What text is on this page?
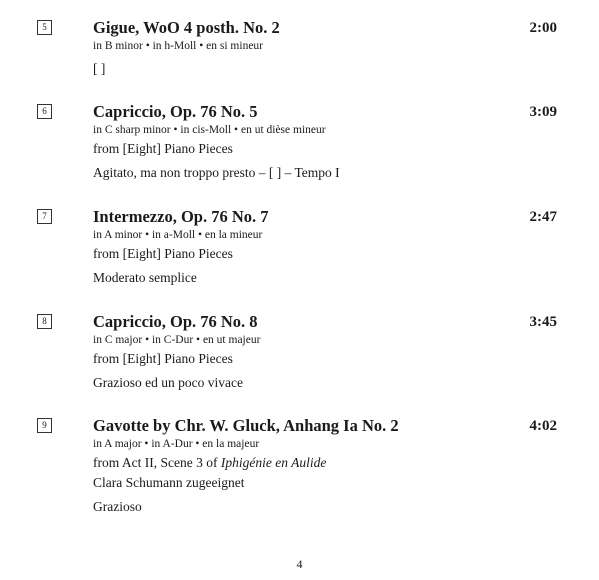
5	Gigue, WoO 4 posth. No. 2	2:00
in B minor • in h-Moll • en si mineur
[ ]
6	Capriccio, Op. 76 No. 5	3:09
in C sharp minor • in cis-Moll • en ut dièse mineur
from [Eight] Piano Pieces
Agitato, ma non troppo presto – [ ] – Tempo I
7	Intermezzo, Op. 76 No. 7	2:47
in A minor • in a-Moll • en la mineur
from [Eight] Piano Pieces
Moderato semplice
8	Capriccio, Op. 76 No. 8	3:45
in C major • in C-Dur • en ut majeur
from [Eight] Piano Pieces
Grazioso ed un poco vivace
9	Gavotte by Chr. W. Gluck, Anhang Ia No. 2	4:02
in A major • in A-Dur • en la majeur
from Act II, Scene 3 of Iphigénie en Aulide
Clara Schumann zugeeignet
Grazioso
4
